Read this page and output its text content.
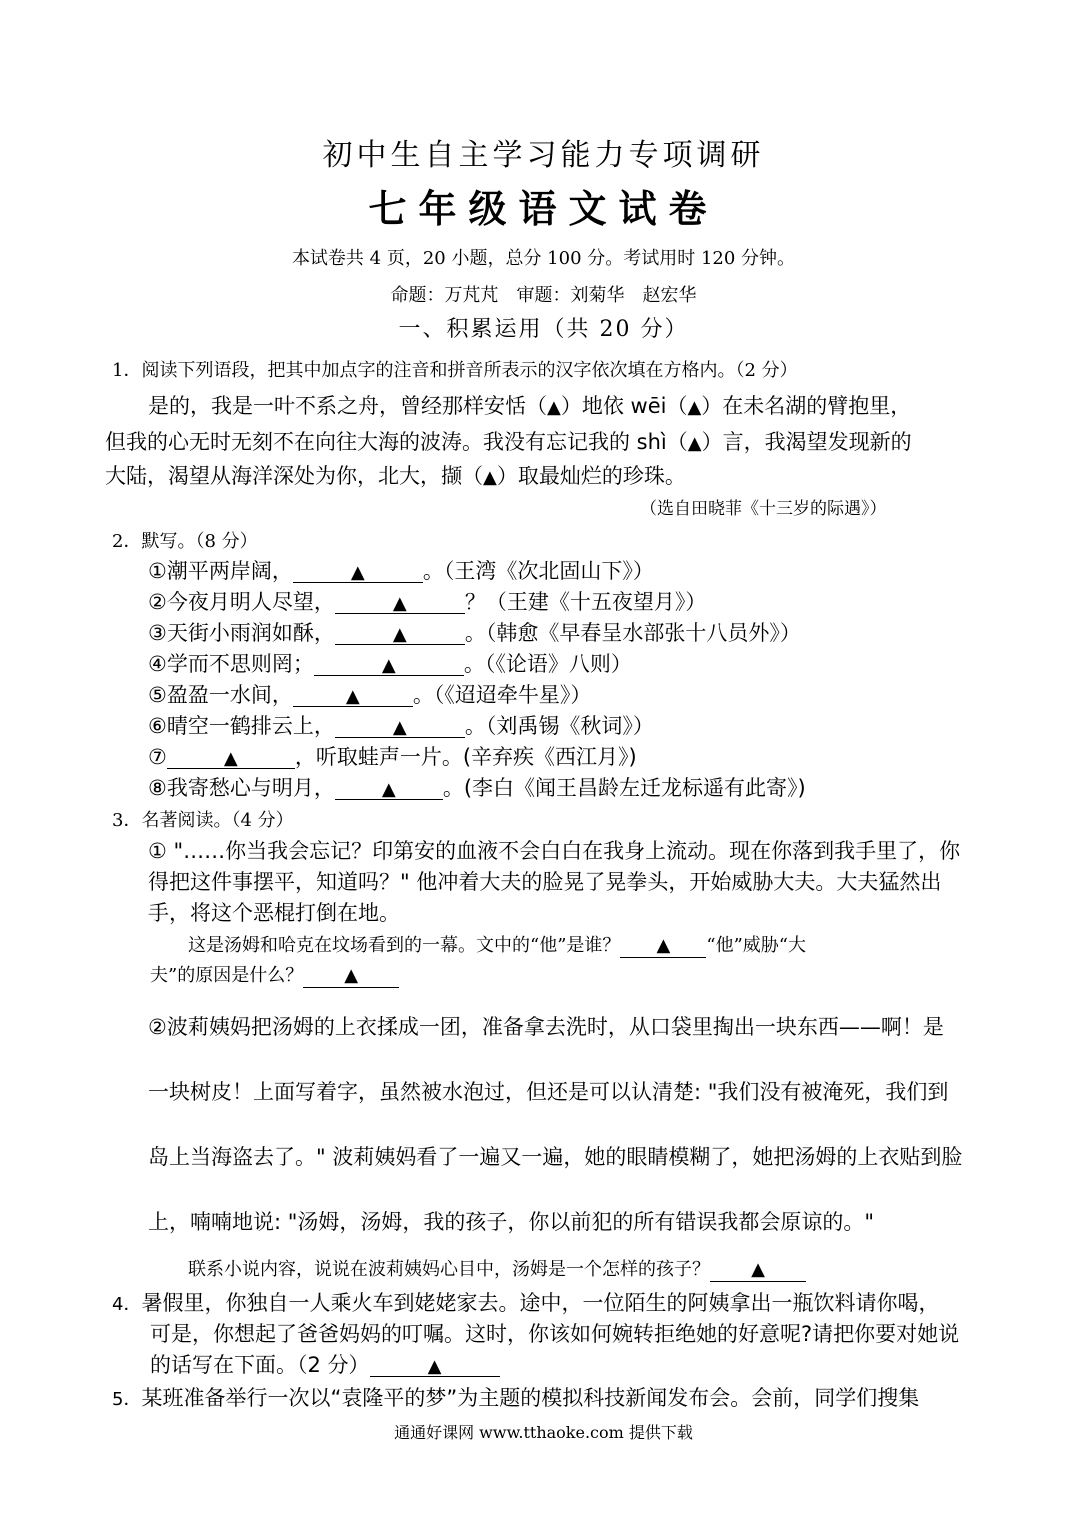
初中生自主学习能力专项调研
七年级语文试卷
本试卷共 4 页，20 小题，总分 100 分。考试用时 120 分钟。
命题：万芃芃　审题：刘菊华　赵宏华
一、积累运用（共 20 分）
1．阅读下列语段，把其中加点字的注音和拼音所表示的汉字依次填在方格内。（2 分）
是的，我是一叶不系之舟，曾经那样安恬（▲）地依 wēi（▲）在未名湖的臂抱里，
但我的心无时无刻不在向往大海的波涛。我没有忘记我的 shì（▲）言，我渴望发现新的
大陆，渴望从海洋深处为你，北大，撷（▲）取最灿烂的珍珠。
（选自田晓菲《十三岁的际遇》）
2．默写。（8 分）
①潮平两岸阔，	▲	。（王湾《次北固山下》）
②今夜月明人尽望，	▲	？（王建《十五夜望月》）
③天街小雨润如酥，	▲	。（韩愈《早春呈水部张十八员外》）
④学而不思则罔；	▲	。（《论语》八则）
⑤盈盈一水间，	▲	。（《迢迢牵牛星》）
⑥晴空一鹤排云上，	▲	。（刘禹锡《秋词》）
⑦	▲	，听取蛙声一片。(辛弃疾《西江月》)
⑧我寄愁心与明月，	▲ 。(李白《闻王昌龄左迁龙标遥有此寄》)
3．名著阅读。（4 分）
① "……你当我会忘记？印第安的血液不会白白在我身上流动。现在你落到我手里了，你
得把这件事摆平，知道吗？" 他冲着大夫的脸晃了晃拳头，开始威胁大夫。大夫猛然出
手，将这个恶棍打倒在地。
这是汤姆和哈克在坟场看到的一幕。文中的“他”是谁？ ▲ “他”威胁“大
夫”的原因是什么？ ▲
②波莉姨妈把汤姆的上衣揉成一团，准备拿去洗时，从口袋里掏出一块东西——啊！是
一块树皮！上面写着字，虽然被水泡过，但还是可以认清楚: "我们没有被淹死，我们到
岛上当海盗去了。" 波莉姨妈看了一遍又一遍，她的眼睛模糊了，她把汤姆的上衣贴到脸
上，喃喃地说: "汤姆，汤姆，我的孩子，你以前犯的所有错误我都会原谅的。"
联系小说内容，说说在波莉姨妈心目中，汤姆是一个怎样的孩子？ ▲
4．暑假里，你独自一人乘火车到姥姥家去。途中，一位陌生的阿姨拿出一瓶饮料请你喝，
可是，你想起了爸爸妈妈的叮嘱。这时，你该如何婉转拒绝她的好意呢?请把你要对她说
的话写在下面。（2 分）	▲
5．某班准备举行一次以“袁隆平的梦”为主题的模拟科技新闻发布会。会前，同学们搜集
通通好课网 www.tthaoke.com 提供下载
